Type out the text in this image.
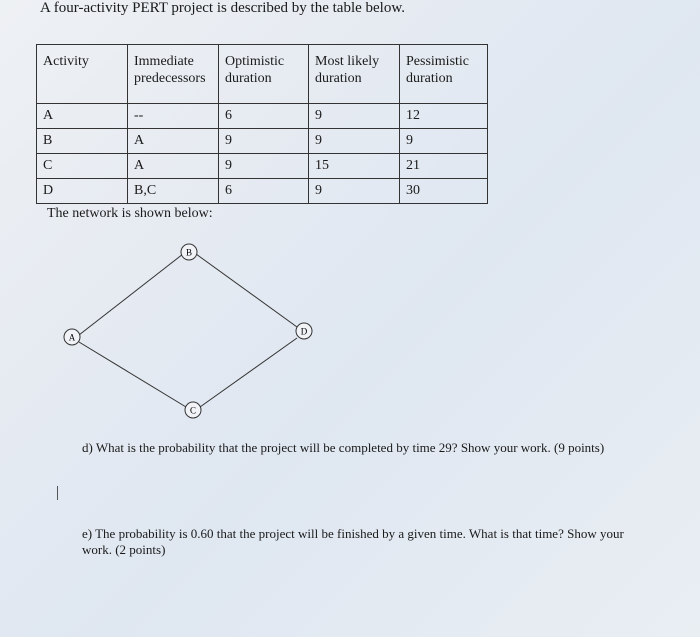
A four-activity PERT project is described by the table below.
Activity	Immediate predecessors	Optimistic duration	Most likely duration	Pessimistic duration
A	--	6	9	12
B	A	9	9	9
C	A	9	15	21
D	B,C	6	9	30
The network is shown below:
A
B
C
D
d) What is the probability that the project will be completed by time 29? Show your work. (9 points)
e) The probability is 0.60 that the project will be finished by a given time. What is that time? Show your work. (2 points)
